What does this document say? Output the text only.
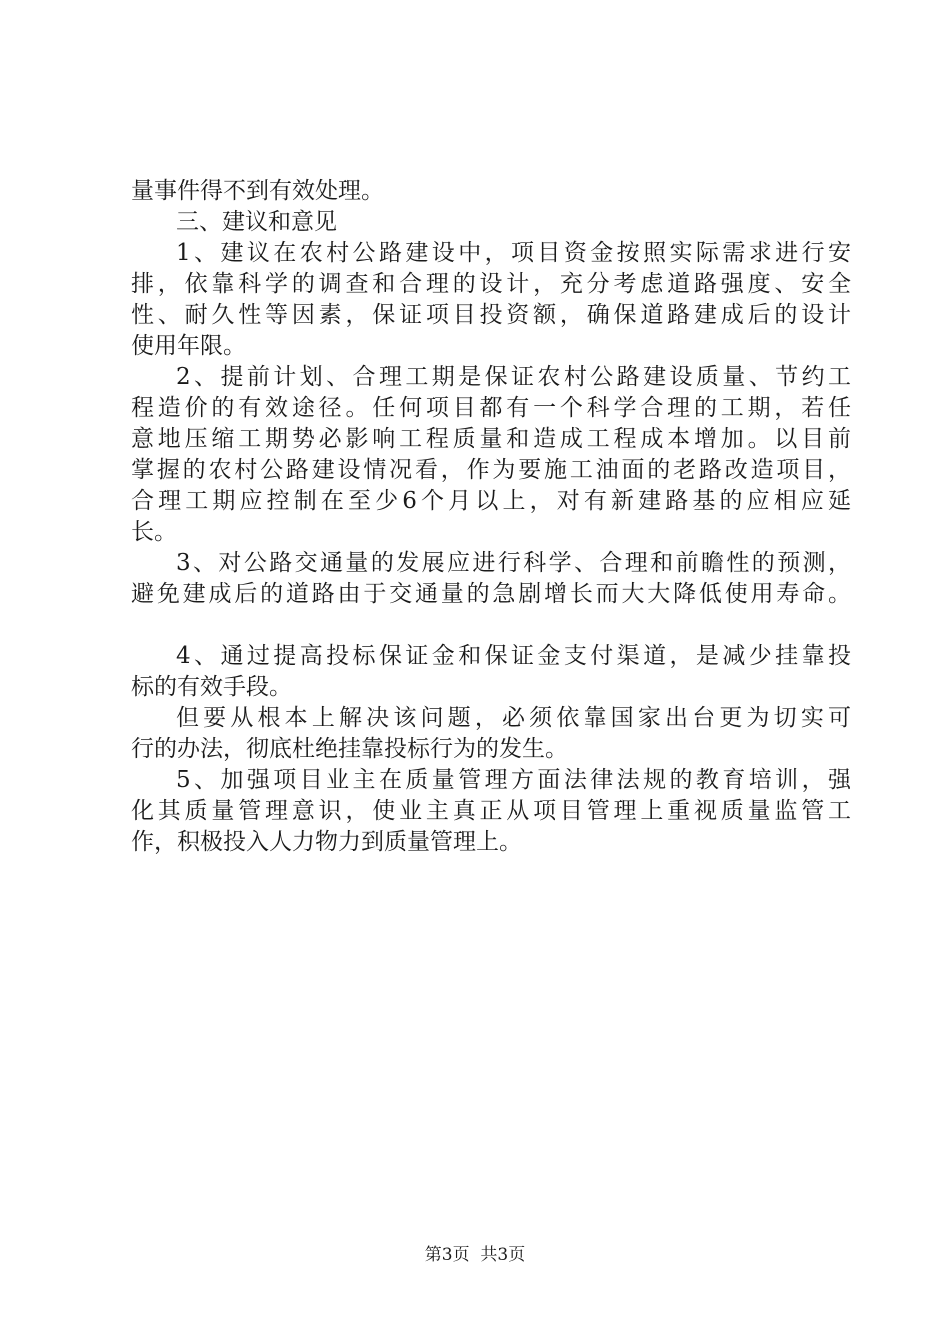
量事件得不到有效处理。
三、建议和意见
1、建议在农村公路建设中，项目资金按照实际需求进行安
排，依靠科学的调查和合理的设计，充分考虑道路强度、安全
性、耐久性等因素，保证项目投资额，确保道路建成后的设计
使用年限。
2、提前计划、合理工期是保证农村公路建设质量、节约工
程造价的有效途径。任何项目都有一个科学合理的工期，若任
意地压缩工期势必影响工程质量和造成工程成本增加。以目前
掌握的农村公路建设情况看，作为要施工油面的老路改造项目，
合理工期应控制在至少6个月以上，对有新建路基的应相应延
长。
3、对公路交通量的发展应进行科学、合理和前瞻性的预测，
避免建成后的道路由于交通量的急剧增长而大大降低使用寿命。
4、通过提高投标保证金和保证金支付渠道，是减少挂靠投
标的有效手段。
但要从根本上解决该问题，必须依靠国家出台更为切实可
行的办法，彻底杜绝挂靠投标行为的发生。
5、加强项目业主在质量管理方面法律法规的教育培训，强
化其质量管理意识，使业主真正从项目管理上重视质量监管工
作，积极投入人力物力到质量管理上。
第3页 共3页
